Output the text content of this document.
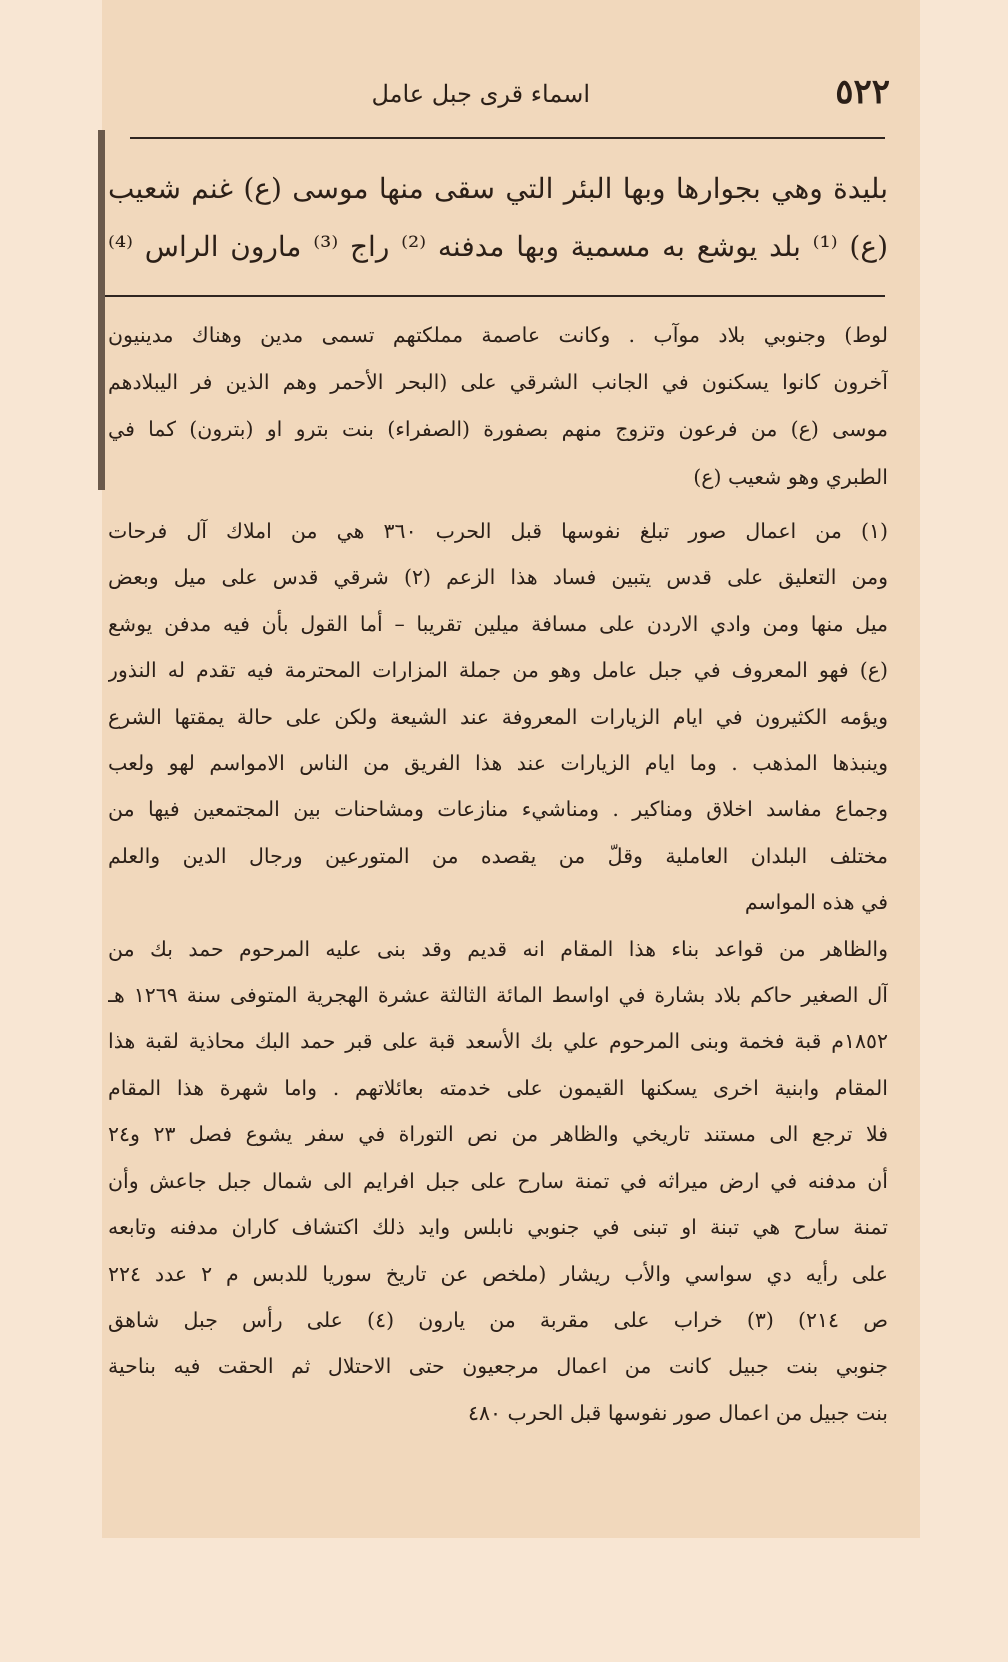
٥٢٢
اسماء قرى جبل عامل
بليدة وهي بجوارها وبها البئر التي سقى منها موسى (ع) غنم شعيب
(ع) ⁽¹⁾ بلد يوشع به مسمية وبها مدفنه ⁽²⁾ راج ⁽³⁾ مارون الراس ⁽⁴⁾
لوط) وجنوبي بلاد موآب . وكانت عاصمة مملكتهم تسمى مدين وهناك مدينيون
آخرون كانوا يسكنون في الجانب الشرقي على (البحر الأحمر وهم الذين فر اليبلادهم
موسى (ع) من فرعون وتزوج منهم بصفورة (الصفراء) بنت بترو او (بترون) كما في
الطبري وهو شعيب (ع)
(١) من اعمال صور تبلغ نفوسها قبل الحرب ٣٦٠ هي من املاك آل فرحات
ومن التعليق على قدس يتبين فساد هذا الزعم (٢) شرقي قدس على ميل وبعض
ميل منها ومن وادي الاردن على مسافة ميلين تقريبا – أما القول بأن فيه مدفن يوشع
(ع) فهو المعروف في جبل عامل وهو من جملة المزارات المحترمة فيه تقدم له النذور
ويؤمه الكثيرون في ايام الزيارات المعروفة عند الشيعة ولكن على حالة يمقتها الشرع
وينبذها المذهب . وما ايام الزيارات عند هذا الفريق من الناس الامواسم لهو ولعب
وجماع مفاسد اخلاق ومناكير . ومناشيء منازعات ومشاحنات بين المجتمعين فيها من
مختلف البلدان العاملية وقلّ من يقصده من المتورعين ورجال الدين والعلم
في هذه المواسم
والظاهر من قواعد بناء هذا المقام انه قديم وقد بنى عليه المرحوم حمد بك من
آل الصغير حاكم بلاد بشارة في اواسط المائة الثالثة عشرة الهجرية المتوفى سنة ١٢٦٩ هـ
١٨٥٢م قبة فخمة وبنى المرحوم علي بك الأسعد قبة على قبر حمد البك محاذية لقبة هذا
المقام وابنية اخرى يسكنها القيمون على خدمته بعائلاتهم . واما شهرة هذا المقام
فلا ترجع الى مستند تاريخي والظاهر من نص التوراة في سفر يشوع فصل ٢٣ و٢٤
أن مدفنه في ارض ميراثه في تمنة سارح على جبل افرايم الى شمال جبل جاعش وأن
تمنة سارح هي تبنة او تبنى في جنوبي نابلس وايد ذلك اكتشاف كاران مدفنه وتابعه
على رأيه دي سواسي والأب ريشار (ملخص عن تاريخ سوريا للدبس م ٢ عدد ٢٢٤
ص ٢١٤) (٣) خراب على مقربة من يارون (٤) على رأس جبل شاهق
جنوبي بنت جبيل كانت من اعمال مرجعيون حتى الاحتلال ثم الحقت فيه بناحية
بنت جبيل من اعمال صور نفوسها قبل الحرب ٤٨٠
